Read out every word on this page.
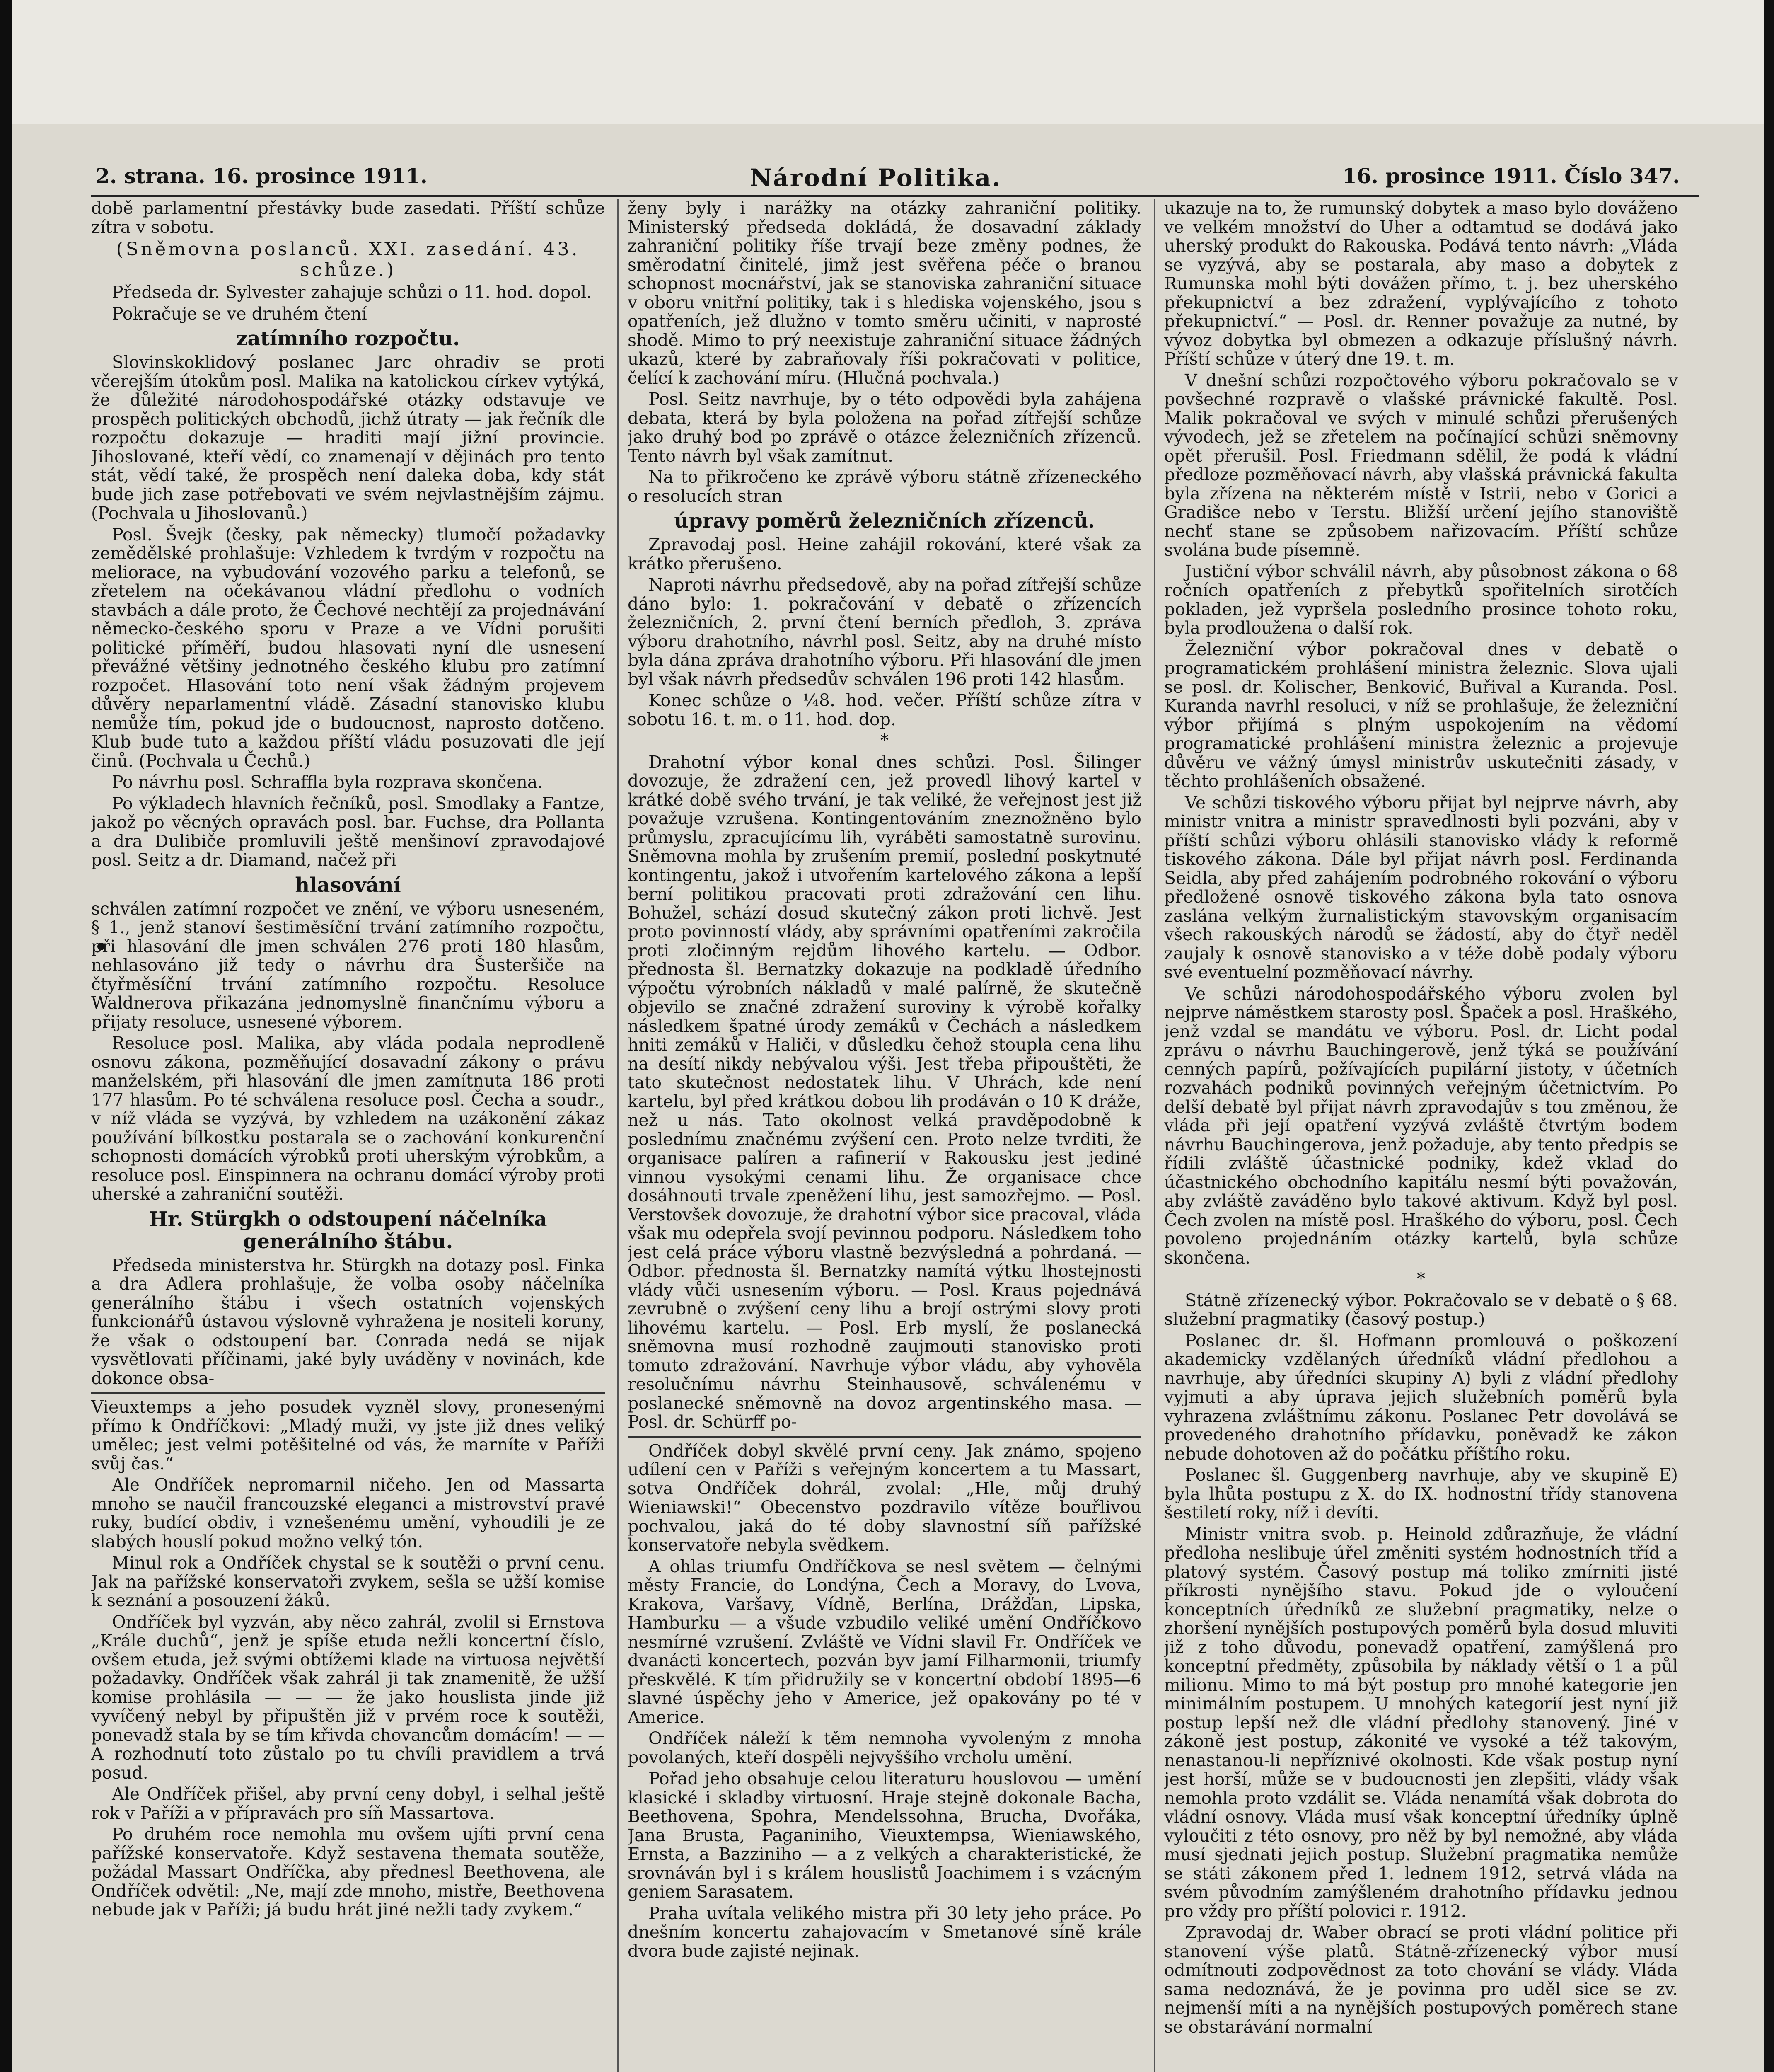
2. strana. 16. prosince 1911.	Národní Politika.	16. prosince 1911. Číslo 347.

době parlamentní přestávky bude zasedati. Příští schůze zítra v sobotu.

(Sněmovna poslanců. XXI. zasedání. 43. schůze.)

Předseda dr. Sylvester zahajuje schůzi o 11. hod. dopol.

Pokračuje se ve druhém čtení

zatímního rozpočtu.

Slovinskoklidový poslanec Jarc ohradiv se proti včerejším útokům posl. Malika na katolickou církev vytýká, že důležité národohospodářské otázky odstavuje ve prospěch politických obchodů, jichž útraty — jak řečník dle rozpočtu dokazuje — hraditi mají jižní provincie. Jihoslované, kteří vědí, co znamenají v dějinách pro tento stát, vědí také, že prospěch není daleka doba, kdy stát bude jich zase potřebovati ve svém nejvlastnějším zájmu. (Pochvala u Jihoslovanů.)

Posl. Švejk (česky, pak německy) tlumočí požadavky zemědělské prohlašuje: Vzhledem k tvrdým v rozpočtu na meliorace, na vybudování vozového parku a telefonů, se zřetelem na očekávanou vládní předlohu o vodních stavbách a dále proto, že Čechové nechtějí za projednávání německo-českého sporu v Praze a ve Vídni porušiti politické příměří, budou hlasovati nyní dle usnesení převážné většiny jednotného českého klubu pro zatímní rozpočet. Hlasování toto není však žádným projevem důvěry neparlamentní vládě. Zásadní stanovisko klubu nemůže tím, pokud jde o budoucnost, naprosto dotčeno. Klub bude tuto a každou příští vládu posuzovati dle její činů. (Pochvala u Čechů.)

Po návrhu posl. Schraffla byla rozprava skončena.

Po výkladech hlavních řečníků, posl. Smodlaky a Fantze, jakož po věcných opravách posl. bar. Fuchse, dra Pollanta a dra Dulibiče promluvili ještě menšinoví zpravodajové posl. Seitz a dr. Diamand, načež při

hlasování

schválen zatímní rozpočet ve znění, ve výboru usneseném, § 1., jenž stanoví šestiměsíční trvání zatímního rozpočtu, při hlasování dle jmen schválen 276 proti 180 hlasům, nehlasováno již tedy o návrhu dra Šusteršiče na čtyřměsíční trvání zatímního rozpočtu. Resoluce Waldnerova přikazána jednomyslně finančnímu výboru a přijaty resoluce, usnesené výborem.

Resoluce posl. Malika, aby vláda podala neprodleně osnovu zákona, pozměňující dosavadní zákony o právu manželském, při hlasování dle jmen zamítnuta 186 proti 177 hlasům. Po té schválena resoluce posl. Čecha a soudr., v níž vláda se vyzývá, by vzhledem na uzákonění zákaz používání bílkostku postarala se o zachování konkurenční schopnosti domácích výrobků proti uherským výrobkům, a resoluce posl. Einspinnera na ochranu domácí výroby proti uherské a zahraniční soutěži.

Hr. Stürgkh o odstoupení náčelníka generálního štábu.

Předseda ministerstva hr. Stürgkh na dotazy posl. Finka a dra Adlera prohlašuje, že volba osoby náčelníka generálního štábu i všech ostatních vojenských funkcionářů ústavou výslovně vyhražena je nositeli koruny, že však o odstoupení bar. Conrada nedá se nijak vysvětlovati příčinami, jaké byly uváděny v novinách, kde dokonce obsa-

Vieuxtemps a jeho posudek vyzněl slovy, pronesenými přímo k Ondříčkovi: „Mladý muži, vy jste již dnes veliký umělec; jest velmi potěšitelné od vás, že marníte v Paříži svůj čas.“

Ale Ondříček nepromarnil ničeho. Jen od Massarta mnoho se naučil francouzské eleganci a mistrovství pravé ruky, budící obdiv, i vznešenému umění, vyhoudili je ze slabých houslí pokud možno velký tón.

Minul rok a Ondříček chystal se k soutěži o první cenu. Jak na pařížské konservatoři zvykem, sešla se užší komise k seznání a posouzení žáků.

Ondříček byl vyzván, aby něco zahrál, zvolil si Ernstova „Krále duchů“, jenž je spíše etuda nežli koncertní číslo, ovšem etuda, jež svými obtížemi klade na virtuosa největší požadavky. Ondříček však zahrál ji tak znamenitě, že užší komise prohlásila — — — že jako houslista jinde již vyvíčený nebyl by připuštěn již v prvém roce k soutěži, ponevadž stala by se tím křivda chovancům domácím! — — A rozhodnutí toto zůstalo po tu chvíli pravidlem a trvá posud.

Ale Ondříček přišel, aby první ceny dobyl, i selhal ještě rok v Paříži a v přípravách pro síň Massartova.

Po druhém roce nemohla mu ovšem ujíti první cena pařížské konservatoře. Když sestavena themata soutěže, požádal Massart Ondříčka, aby přednesl Beethovena, ale Ondříček odvětil: „Ne, mají zde mnoho, mistře, Beethovena nebude jak v Paříži; já budu hrát jiné nežli tady zvykem.“

ženy byly i narážky na otázky zahraniční politiky. Ministerský předseda dokládá, že dosavadní základy zahraniční politiky říše trvají beze změny podnes, že směrodatní činitelé, jimž jest svěřena péče o branou schopnost mocnářství, jak se stanoviska zahraniční situace v oboru vnitřní politiky, tak i s hlediska vojenského, jsou s opatřeních, jež dlužno v tomto směru učiniti, v naprosté shodě. Mimo to prý neexistuje zahraniční situace žádných ukazů, které by zabraňovaly říši pokračovati v politice, čelící k zachování míru. (Hlučná pochvala.)

Posl. Seitz navrhuje, by o této odpovědi byla zahájena debata, která by byla položena na pořad zítřejší schůze jako druhý bod po zprávě o otázce železničních zřízenců. Tento návrh byl však zamítnut.

Na to přikročeno ke zprávě výboru státně zřízeneckého o resolucích stran

úpravy poměrů železničních zřízenců.

Zpravodaj posl. Heine zahájil rokování, které však za krátko přerušeno.

Naproti návrhu předsedově, aby na pořad zítřejší schůze dáno bylo: 1. pokračování v debatě o zřízencích železničních, 2. první čtení berních předloh, 3. zpráva výboru drahotního, návrhl posl. Seitz, aby na druhé místo byla dána zpráva drahotního výboru. Při hlasování dle jmen byl však návrh předsedův schválen 196 proti 142 hlasům.

Konec schůze o ¼8. hod. večer. Příští schůze zítra v sobotu 16. t. m. o 11. hod. dop.

*

Drahotní výbor konal dnes schůzi. Posl. Šilinger dovozuje, že zdražení cen, jež provedl lihový kartel v krátké době svého trvání, je tak veliké, že veřejnost jest již považuje vzrušena. Kontingentováním zneznožněno bylo průmyslu, zpracujícímu lih, vyráběti samostatně surovinu. Sněmovna mohla by zrušením premií, poslední poskytnuté kontingentu, jakož i utvořením kartelového zákona a lepší berní politikou pracovati proti zdražování cen lihu. Bohužel, schází dosud skutečný zákon proti lichvě. Jest proto povinností vlády, aby správními opatřeními zakročila proti zločinným rejdům lihového kartelu. — Odbor. přednosta šl. Bernatzky dokazuje na podkladě úředního výpočtu výrobních nákladů v malé palírně, že skutečně objevilo se značné zdražení suroviny k výrobě kořalky následkem špatné úrody zemáků v Čechách a následkem hniti zemáků v Haliči, v důsledku čehož stoupla cena lihu na desítí nikdy nebývalou výši. Jest třeba připouštěti, že tato skutečnost nedostatek lihu. V Uhrách, kde není kartelu, byl před krátkou dobou lih prodáván o 10 K dráže, než u nás. Tato okolnost velká pravděpodobně k poslednímu značnému zvýšení cen. Proto nelze tvrditi, že organisace palíren a rafinerií v Rakousku jest jediné vinnou vysokými cenami lihu. Že organisace chce dosáhnouti trvale zpeněžení lihu, jest samozřejmo. — Posl. Verstovšek dovozuje, že drahotní výbor sice pracoval, vláda však mu odepřela svojí pevinnou podporu. Následkem toho jest celá práce výboru vlastně bezvýsledná a pohrdaná. — Odbor. přednosta šl. Bernatzky namítá výtku lhostejnosti vlády vůči usnesením výboru. — Posl. Kraus pojednává zevrubně o zvýšení ceny lihu a brojí ostrými slovy proti lihovému kartelu. — Posl. Erb myslí, že poslanecká sněmovna musí rozhodně zaujmouti stanovisko proti tomuto zdražování. Navrhuje výbor vládu, aby vyhověla resolučnímu návrhu Steinhausově, schválenému v poslanecké sněmovně na dovoz argentinského masa. — Posl. dr. Schürff po-

Ondříček dobyl skvělé první ceny. Jak známo, spojeno udílení cen v Paříži s veřejným koncertem a tu Massart, sotva Ondříček dohrál, zvolal: „Hle, můj druhý Wieniawski!“ Obecenstvo pozdravilo vítěze bouřlivou pochvalou, jaká do té doby slavnostní síň pařížské konservatoře nebyla svědkem.

A ohlas triumfu Ondříčkova se nesl světem — čelnými městy Francie, do Londýna, Čech a Moravy, do Lvova, Krakova, Varšavy, Vídně, Berlína, Drážďan, Lipska, Hamburku — a všude vzbudilo veliké umění Ondříčkovo nesmírné vzrušení. Zvláště ve Vídni slavil Fr. Ondříček ve dvanácti koncertech, pozván byv jamí Filharmonii, triumfy přeskvělé. K tím přidružily se v koncertní období 1895—6 slavné úspěchy jeho v Americe, jež opakovány po té v Americe.

Ondříček náleží k těm nemnoha vyvoleným z mnoha povolaných, kteří dospěli nejvyššího vrcholu umění.

Pořad jeho obsahuje celou literaturu houslovou — umění klasické i skladby virtuosní. Hraje stejně dokonale Bacha, Beethovena, Spohra, Mendelssohna, Brucha, Dvořáka, Jana Brusta, Paganiniho, Vieuxtempsa, Wieniawského, Ernsta, a Bazziniho — a z velkých a charakteristické, že srovnáván byl i s králem houslistů Joachimem i s vzácným geniem Sarasatem.

Praha uvítala velikého mistra při 30 lety jeho práce. Po dnešním koncertu zahajovacím v Smetanové síně krále dvora bude zajisté nejinak.

ukazuje na to, že rumunský dobytek a maso bylo dováženo ve velkém množství do Uher a odtamtud se dodává jako uherský produkt do Rakouska. Podává tento návrh: „Vláda se vyzývá, aby se postarala, aby maso a dobytek z Rumunska mohl býti dovážen přímo, t. j. bez uherského překupnictví a bez zdražení, vyplývajícího z tohoto překupnictví.“ — Posl. dr. Renner považuje za nutné, by vývoz dobytka byl obmezen a odkazuje příslušný návrh. Příští schůze v úterý dne 19. t. m.

V dnešní schůzi rozpočtového výboru pokračovalo se v povšechné rozpravě o vlašské právnické fakultě. Posl. Malik pokračoval ve svých v minulé schůzi přerušených vývodech, jež se zřetelem na počínající schůzi sněmovny opět přerušil. Posl. Friedmann sdělil, že podá k vládní předloze pozměňovací návrh, aby vlašská právnická fakulta byla zřízena na některém místě v Istrii, nebo v Gorici a Gradišce nebo v Terstu. Bližší určení jejího stanoviště nechť stane se způsobem nařizovacím. Příští schůze svolána bude písemně.

Justiční výbor schválil návrh, aby působnost zákona o 68 ročních opatřeních z přebytků spořitelních sirotčích pokladen, jež vypršela posledního prosince tohoto roku, byla prodloužena o další rok.

Železniční výbor pokračoval dnes v debatě o programatickém prohlášení ministra železnic. Slova ujali se posl. dr. Kolischer, Benković, Buřival a Kuranda. Posl. Kuranda navrhl resoluci, v níž se prohlašuje, že železniční výbor přijímá s plným uspokojením na vědomí programatické prohlášení ministra železnic a projevuje důvěru ve vážný úmysl ministrův uskutečniti zásady, v těchto prohlášeních obsažené.

Ve schůzi tiskového výboru přijat byl nejprve návrh, aby ministr vnitra a ministr spravedlnosti byli pozváni, aby v příští schůzi výboru ohlásili stanovisko vlády k reformě tiskového zákona. Dále byl přijat návrh posl. Ferdinanda Seidla, aby před zahájením podrobného rokování o výboru předložené osnově tiskového zákona byla tato osnova zaslána velkým žurnalistickým stavovským organisacím všech rakouských národů se žádostí, aby do čtyř neděl zaujaly k osnově stanovisko a v téže době podaly výboru své eventuelní pozměňovací návrhy.

Ve schůzi národohospodářského výboru zvolen byl nejprve náměstkem starosty posl. Špaček a posl. Hraškého, jenž vzdal se mandátu ve výboru. Posl. dr. Licht podal zprávu o návrhu Bauchingerově, jenž týká se používání cenných papírů, požívajících pupilární jistoty, v účetních rozvahách podniků povinných veřejným účetnictvím. Po delší debatě byl přijat návrh zpravodajův s tou změnou, že vláda při její opatření vyzývá zvláště čtvrtým bodem návrhu Bauchingerova, jenž požaduje, aby tento předpis se řídili zvláště účastnické podniky, kdež vklad do účastnického obchodního kapitálu nesmí býti považován, aby zvláště zaváděno bylo takové aktivum. Když byl posl. Čech zvolen na místě posl. Hraškého do výboru, posl. Čech povoleno projednáním otázky kartelů, byla schůze skončena.

*

Státně zřízenecký výbor. Pokračovalo se v debatě o § 68. služební pragmatiky (časový postup.)

Poslanec dr. šl. Hofmann promlouvá o poškození akademicky vzdělaných úředníků vládní předlohou a navrhuje, aby úředníci skupiny A) byli z vládní předlohy vyjmuti a aby úprava jejich služebních poměrů byla vyhrazena zvláštnímu zákonu. Poslanec Petr dovolává se provedeného drahotního přídavku, poněvadž ke zákon nebude dohotoven až do počátku příštího roku.

Poslanec šl. Guggenberg navrhuje, aby ve skupině E) byla lhůta postupu z X. do IX. hodnostní třídy stanovena šestiletí roky, níž i devíti.

Ministr vnitra svob. p. Heinold zdůrazňuje, že vládní předloha neslibuje úřel změniti systém hodnostních tříd a platový systém. Časový postup má toliko zmírniti jisté příkrosti nynějšího stavu. Pokud jde o vyloučení konceptních úředníků ze služební pragmatiky, nelze o zhoršení nynějších postupových poměrů byla dosud mluviti již z toho důvodu, ponevadž opatření, zamýšlená pro konceptní předměty, způsobila by náklady větší o 1 a půl milionu. Mimo to má být postup pro mnohé kategorie jen minimálním postupem. U mnohých kategorií jest nyní již postup lepší než dle vládní předlohy stanovený. Jiné v zákoně jest postup, zákonité ve vysoké a též takovým, nenastanou-li nepříznivé okolnosti. Kde však postup nyní jest horší, může se v budoucnosti jen zlepšiti, vlády však nemohla proto vzdálit se. Vláda nenamítá však dobrota do vládní osnovy. Vláda musí však konceptní úředníky úplně vyloučiti z této osnovy, pro něž by byl nemožné, aby vláda musí sjednati jejich postup. Služební pragmatika nemůže se státi zákonem před 1. lednem 1912, setrvá vláda na svém původním zamýšleném drahotního přídavku jednou pro vždy pro příští polovici r. 1912.

Zpravodaj dr. Waber obrací se proti vládní politice při stanovení výše platů. Státně-zřízenecký výbor musí odmítnouti zodpovědnost za toto chování se vlády. Vláda sama nedoznává, že je povinna pro uděl sice se zv. nejmenší míti a na nynějších postupových poměrech stane se obstarávání normalní
